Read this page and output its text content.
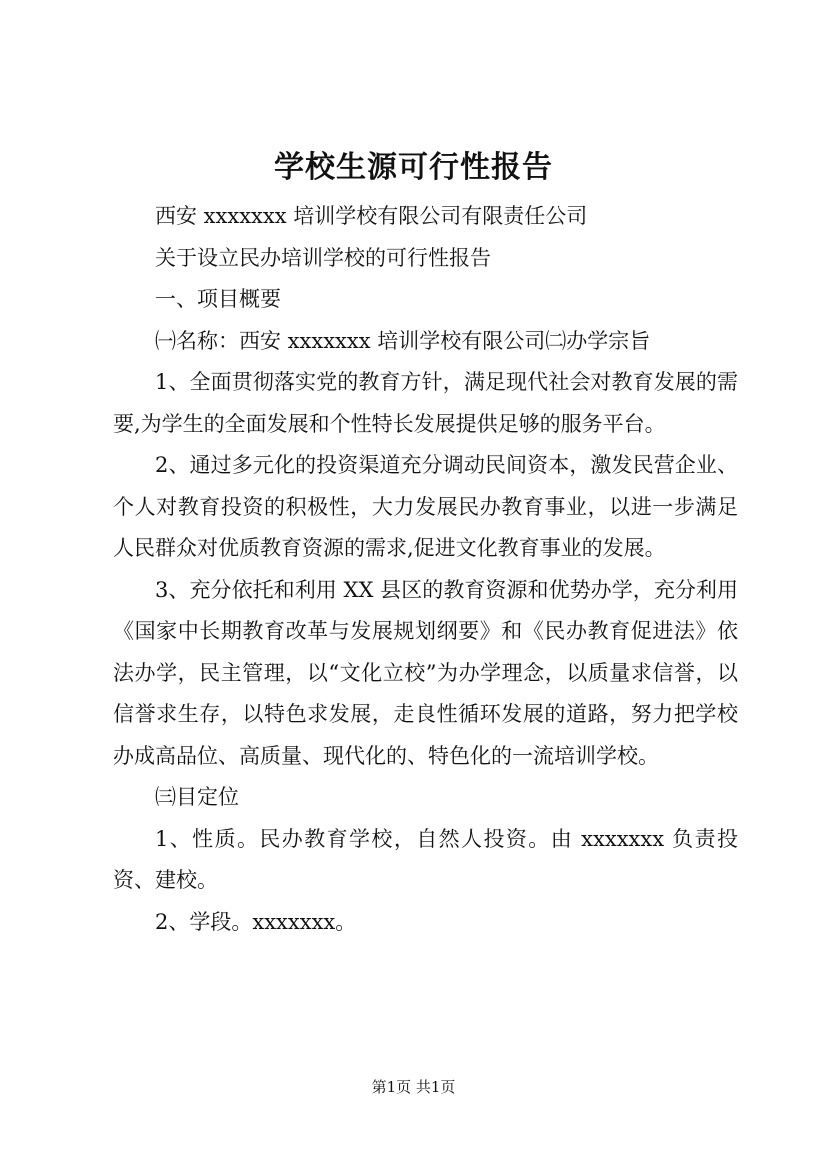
学校生源可行性报告

西安 xxxxxxx 培训学校有限公司有限责任公司

关于设立民办培训学校的可行性报告

一、项目概要

㈠名称：西安 xxxxxxx 培训学校有限公司㈡办学宗旨

1、全面贯彻落实党的教育方针，满足现代社会对教育发展的需要,为学生的全面发展和个性特长发展提供足够的服务平台。

2、通过多元化的投资渠道充分调动民间资本，激发民营企业、个人对教育投资的积极性，大力发展民办教育事业，以进一步满足人民群众对优质教育资源的需求,促进文化教育事业的发展。

3、充分依托和利用 XX 县区的教育资源和优势办学，充分利用《国家中长期教育改革与发展规划纲要》和《民办教育促进法》依法办学，民主管理，以“文化立校”为办学理念，以质量求信誉，以信誉求生存，以特色求发展，走良性循环发展的道路，努力把学校办成高品位、高质量、现代化的、特色化的一流培训学校。

㈢目定位

1、性质。民办教育学校，自然人投资。由 xxxxxxx 负责投资、建校。

2、学段。xxxxxxx。

第1页 共1页
